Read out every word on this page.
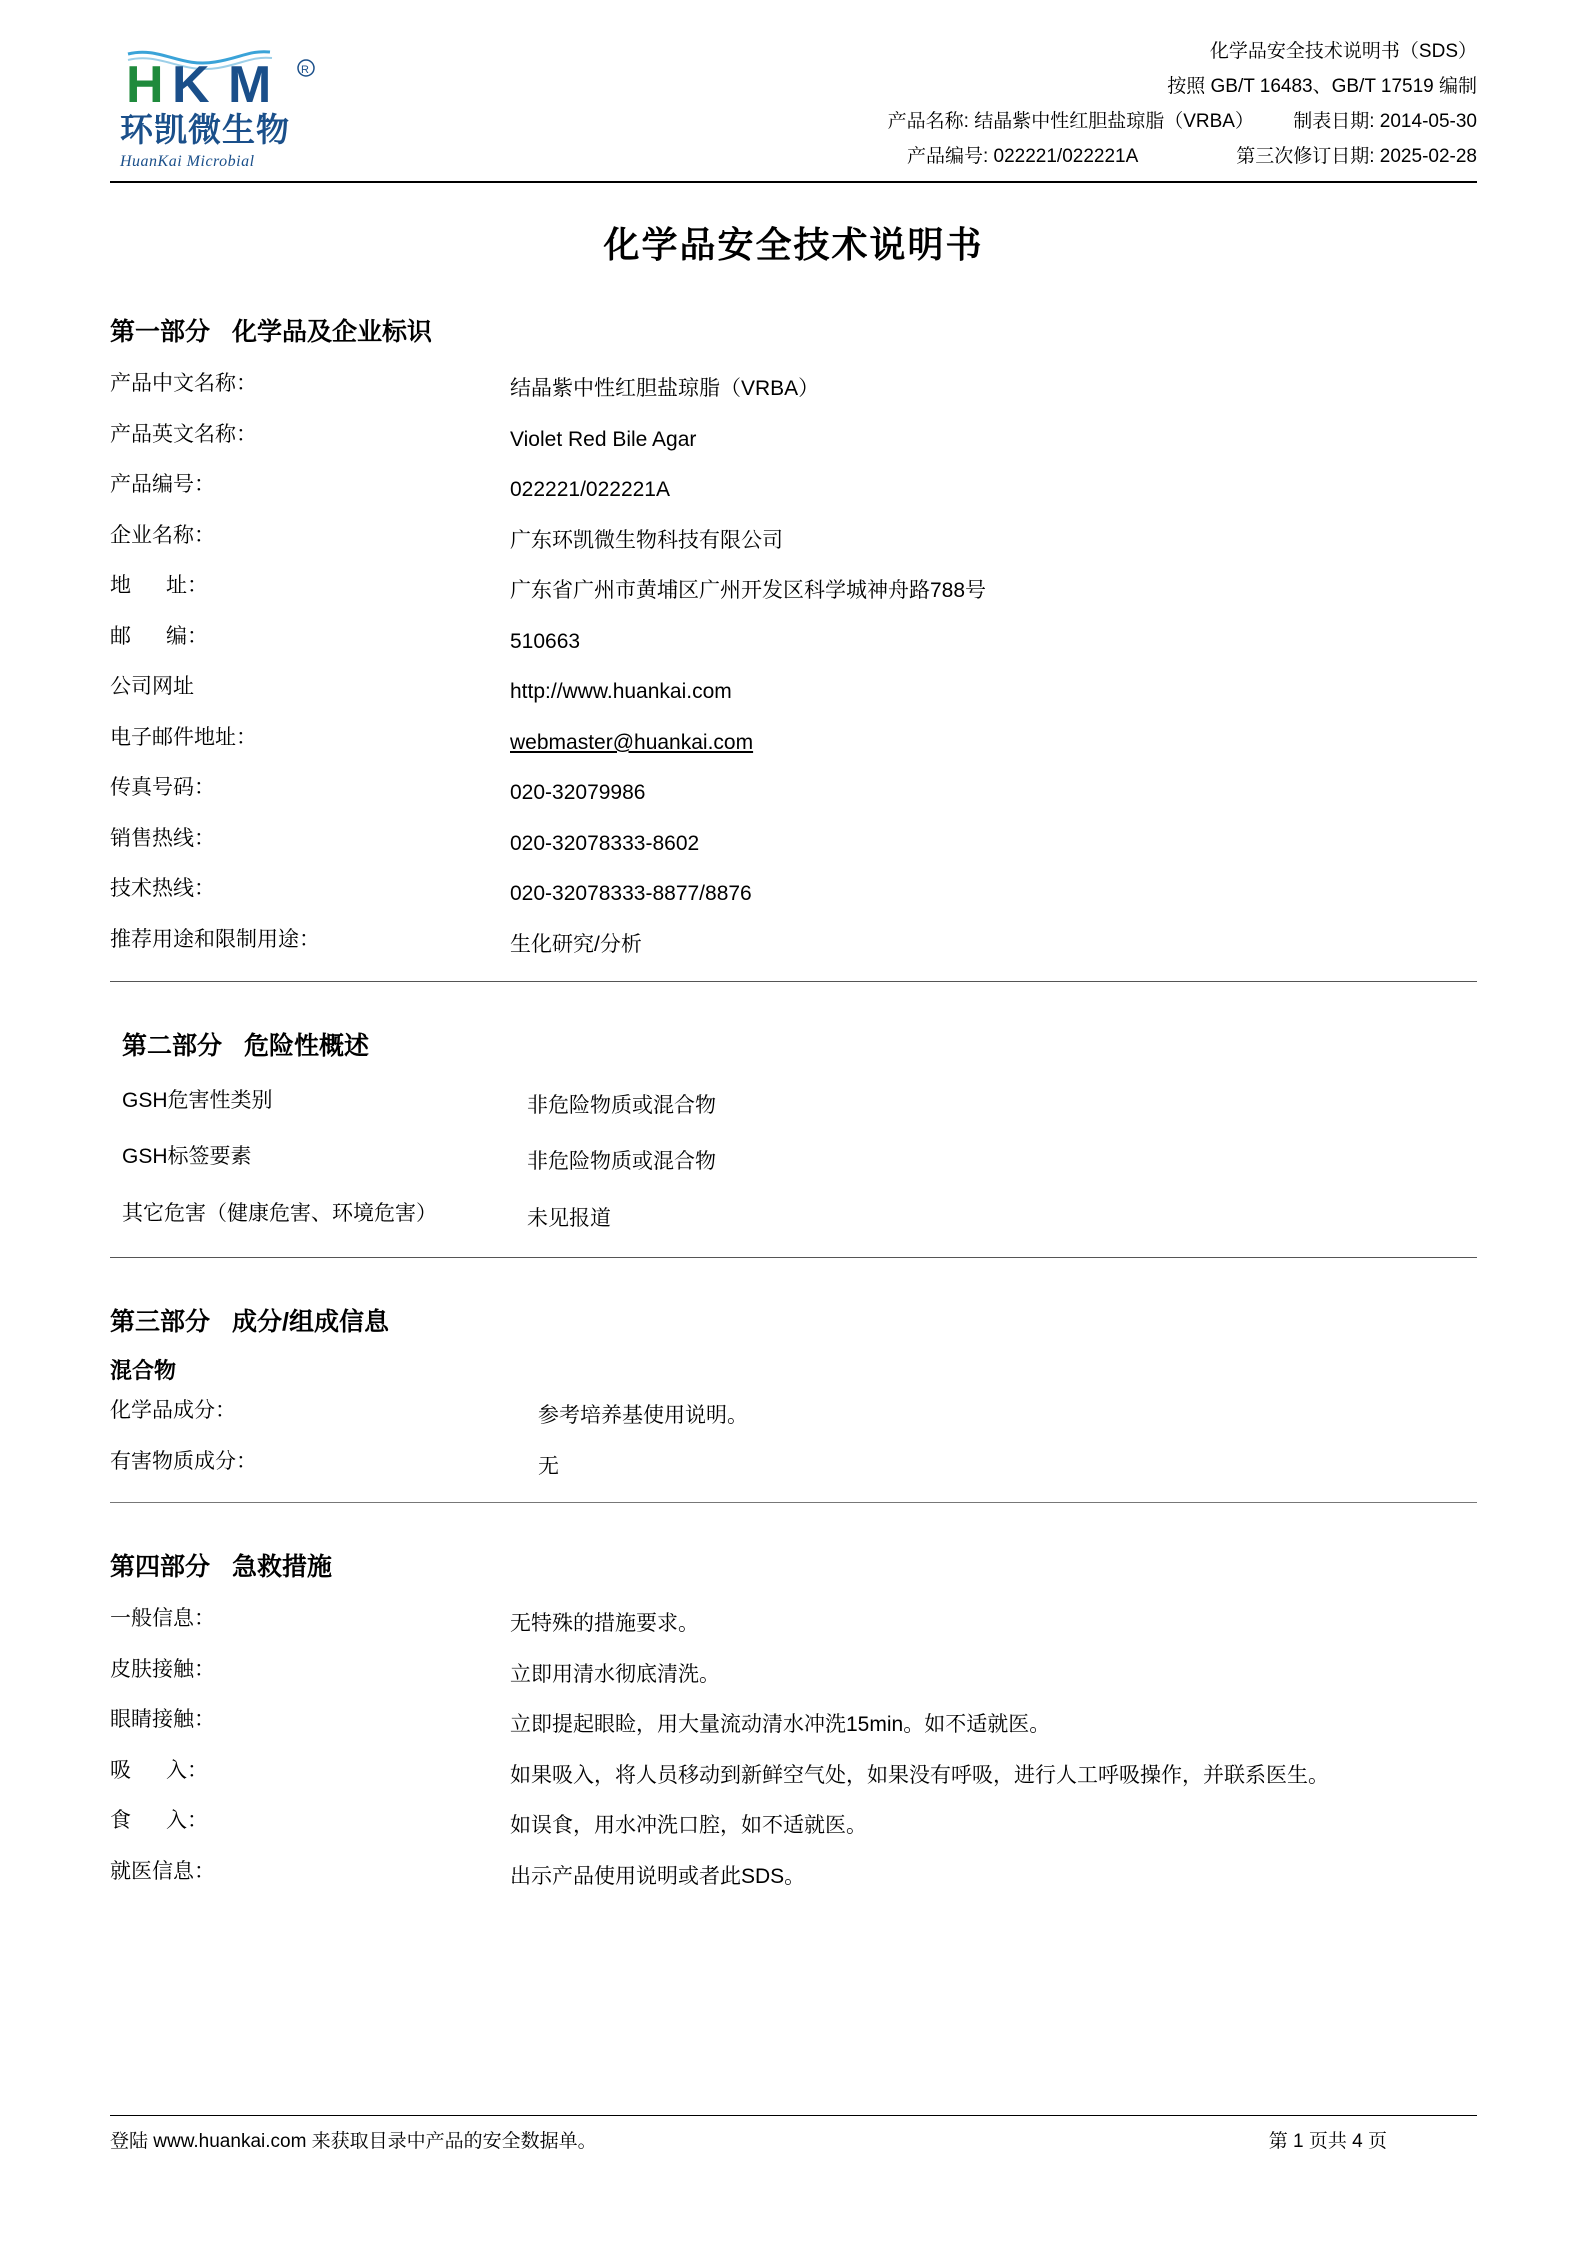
H K M	R
环凯微生物
HuanKai Microbial
化学品安全技术说明书（SDS）
按照 GB/T 16483、GB/T 17519 编制
产品名称: 结晶紫中性红胆盐琼脂（VRBA） 制表日期: 2014-05-30
产品编号: 022221/022221A	第三次修订日期: 2025-02-28
化学品安全技术说明书
第一部分 化学品及企业标识
产品中文名称：	结晶紫中性红胆盐琼脂（VRBA）
产品英文名称：	Violet Red Bile Agar
产品编号：	022221/022221A
企业名称：	广东环凯微生物科技有限公司
地      址：	广东省广州市黄埔区广州开发区科学城神舟路788号
邮      编：	510663
公司网址	http://www.huankai.com
电子邮件地址：	webmaster@huankai.com
传真号码：	020-32079986
销售热线：	020-32078333-8602
技术热线：	020-32078333-8877/8876
推荐用途和限制用途：	生化研究/分析
第二部分 危险性概述
GSH危害性类别	非危险物质或混合物
GSH标签要素	非危险物质或混合物
其它危害（健康危害、环境危害）	未见报道
第三部分 成分/组成信息
混合物
化学品成分：	参考培养基使用说明。
有害物质成分：	无
第四部分 急救措施
一般信息：	无特殊的措施要求。
皮肤接触：	立即用清水彻底清洗。
眼睛接触：	立即提起眼睑，用大量流动清水冲洗15min。如不适就医。
吸      入：	如果吸入，将人员移动到新鲜空气处，如果没有呼吸，进行人工呼吸操作，并联系医生。
食      入：	如误食，用水冲洗口腔，如不适就医。
就医信息：	出示产品使用说明或者此SDS。
登陆 www.huankai.com 来获取目录中产品的安全数据单。	第 1 页共 4 页
